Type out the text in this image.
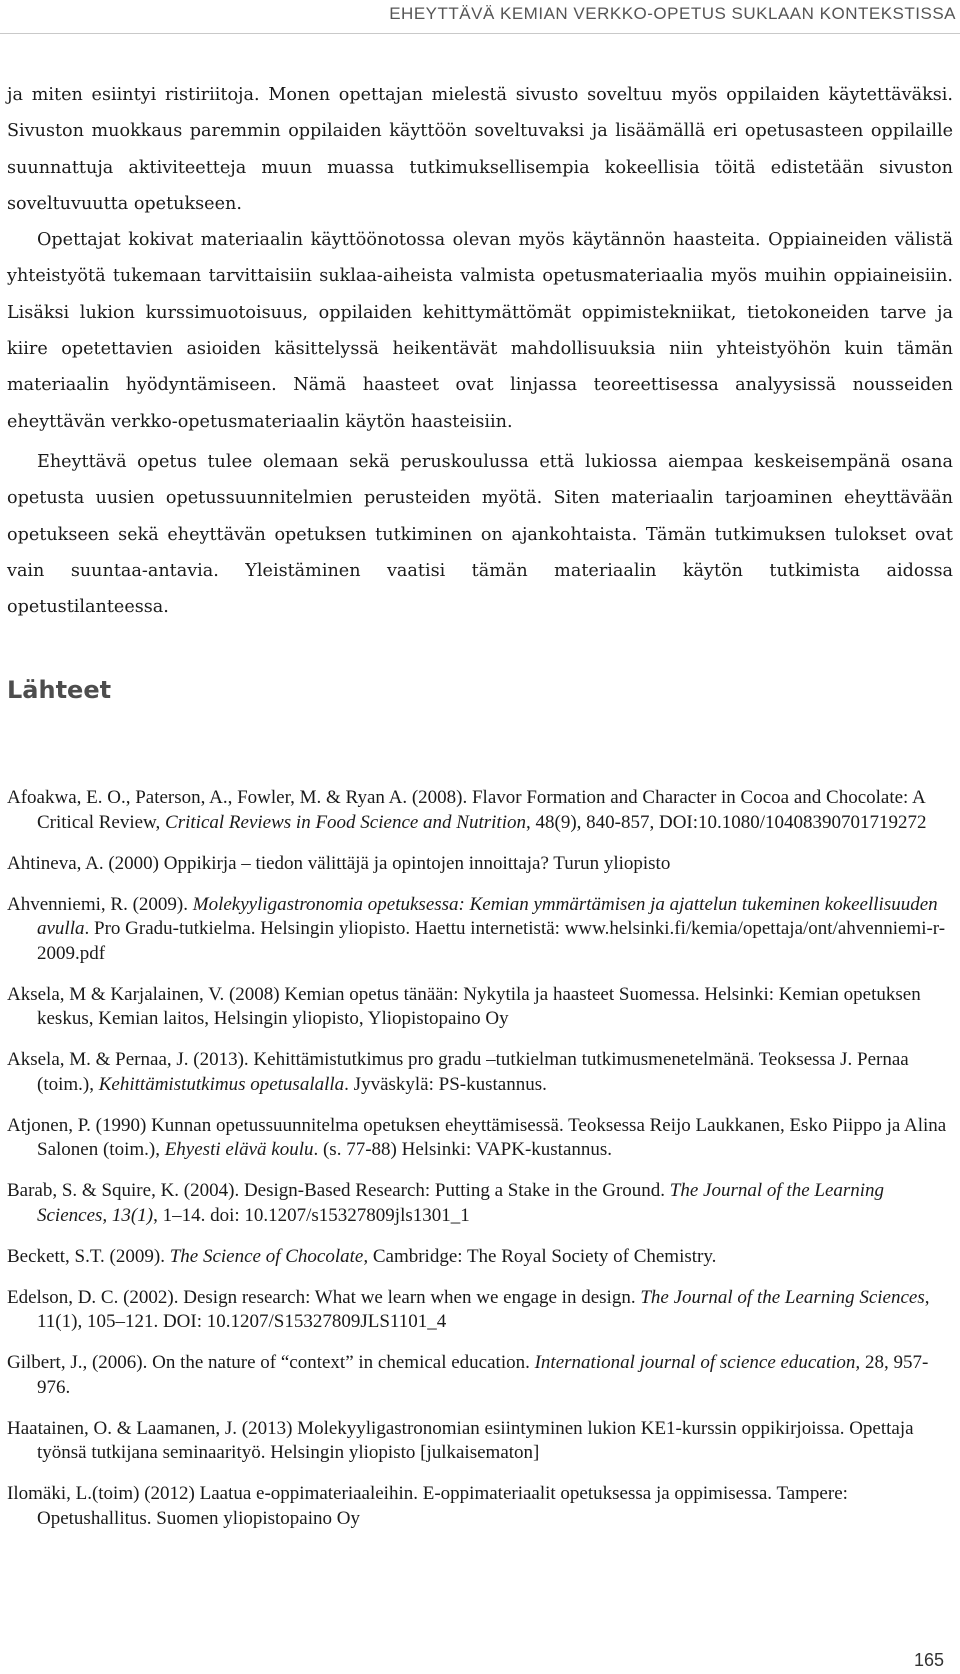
EHEYTTÄVÄ KEMIAN VERKKO-OPETUS SUKLAAN KONTEKSTISSA

ja miten esiintyi ristiriitoja. Monen opettajan mielestä sivusto soveltuu myös oppilaiden käytettäväksi. Sivuston muokkaus paremmin oppilaiden käyttöön soveltuvaksi ja lisäämällä eri opetusasteen oppilaille suunnattuja aktiviteetteja muun muassa tutkimuksellisempia kokeellisia töitä edistetään sivuston soveltuvuutta opetukseen.

Opettajat kokivat materiaalin käyttöönotossa olevan myös käytännön haasteita. Oppiaineiden välistä yhteistyötä tukemaan tarvittaisiin suklaa-aiheista valmista opetusmateriaalia myös muihin oppiaineisiin. Lisäksi lukion kurssimuotoisuus, oppilaiden kehittymättömät oppimistekniikat, tietokoneiden tarve ja kiire opetettavien asioiden käsittelyssä heikentävät mahdollisuuksia niin yhteistyöhön kuin tämän materiaalin hyödyntämiseen. Nämä haasteet ovat linjassa teoreettisessa analyysissä nousseiden eheyttävän verkko-opetusmateriaalin käytön haasteisiin.

Eheyttävä opetus tulee olemaan sekä peruskoulussa että lukiossa aiempaa keskeisempänä osana opetusta uusien opetussuunnitelmien perusteiden myötä. Siten materiaalin tarjoaminen eheyttävään opetukseen sekä eheyttävän opetuksen tutkiminen on ajankohtaista. Tämän tutkimuksen tulokset ovat vain suuntaa-antavia. Yleistäminen vaatisi tämän materiaalin käytön tutkimista aidossa opetustilanteessa.

Lähteet

Afoakwa, E. O., Paterson, A., Fowler, M. & Ryan A. (2008). Flavor Formation and Character in Cocoa and Chocolate: A Critical Review, Critical Reviews in Food Science and Nutrition, 48(9), 840-857, DOI:10.1080/10408390701719272

Ahtineva, A. (2000) Oppikirja – tiedon välittäjä ja opintojen innoittaja? Turun yliopisto

Ahvenniemi, R. (2009). Molekyyligastronomia opetuksessa: Kemian ymmärtämisen ja ajattelun tukeminen kokeellisuuden avulla. Pro Gradu-tutkielma. Helsingin yliopisto. Haettu internetistä: www.helsinki.fi/kemia/opettaja/ont/ahvenniemi-r-2009.pdf

Aksela, M & Karjalainen, V. (2008) Kemian opetus tänään: Nykytila ja haasteet Suomessa. Helsinki: Kemian opetuksen keskus, Kemian laitos, Helsingin yliopisto, Yliopistopaino Oy

Aksela, M. & Pernaa, J. (2013). Kehittämistutkimus pro gradu –tutkielman tutkimusmenetelmänä. Teoksessa J. Pernaa (toim.), Kehittämistutkimus opetusalalla. Jyväskylä: PS-kustannus.

Atjonen, P. (1990) Kunnan opetussuunnitelma opetuksen eheyttämisessä. Teoksessa Reijo Laukkanen, Esko Piippo ja Alina Salonen (toim.), Ehyesti elävä koulu. (s. 77-88) Helsinki: VAPK-kustannus.

Barab, S. & Squire, K. (2004). Design-Based Research: Putting a Stake in the Ground. The Journal of the Learning Sciences, 13(1), 1–14. doi: 10.1207/s15327809jls1301_1

Beckett, S.T. (2009). The Science of Chocolate, Cambridge: The Royal Society of Chemistry.

Edelson, D. C. (2002). Design research: What we learn when we engage in design. The Journal of the Learning Sciences, 11(1), 105–121. DOI: 10.1207/S15327809JLS1101_4

Gilbert, J., (2006). On the nature of “context” in chemical education. International journal of science education, 28, 957-976.

Haatainen, O. & Laamanen, J. (2013) Molekyyligastronomian esiintyminen lukion KE1-kurssin oppikirjoissa. Opettaja työnsä tutkijana seminaarityö. Helsingin yliopisto [julkaisematon]

Ilomäki, L.(toim) (2012) Laatua e-oppimateriaaleihin. E-oppimateriaalit opetuksessa ja oppimisessa. Tampere: Opetushallitus. Suomen yliopistopaino Oy

165
